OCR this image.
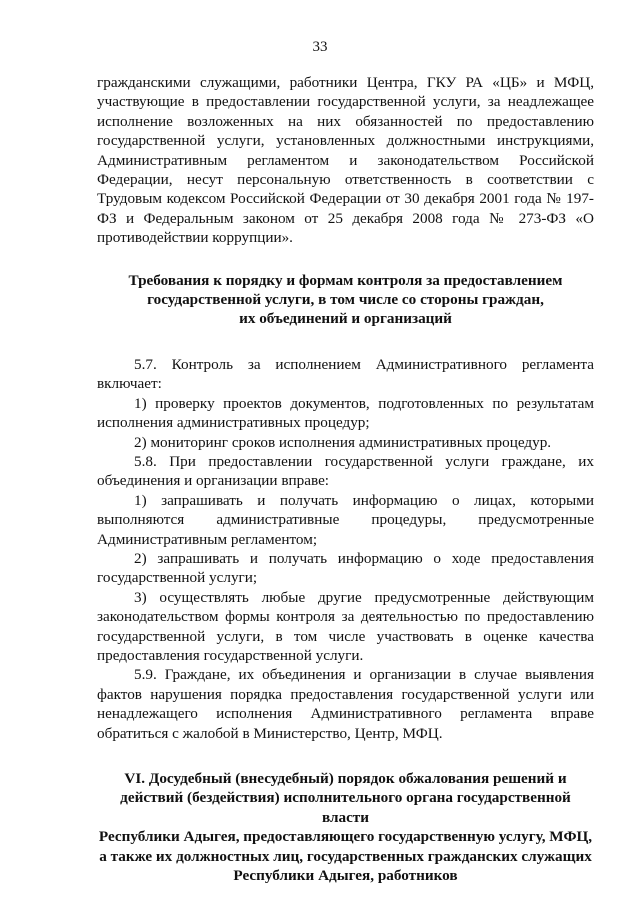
33

гражданскими служащими, работники Центра, ГКУ РА «ЦБ» и МФЦ, участвующие в предоставлении государственной услуги, за неадлежащее исполнение возложенных на них обязанностей по предоставлению государственной услуги, установленных должностными инструкциями, Административным регламентом и законодательством Российской Федерации, несут персональную ответственность в соответствии с Трудовым кодексом Российской Федерации от 30 декабря 2001 года № 197-ФЗ и Федеральным законом от 25 декабря 2008 года № 273-ФЗ «О противодействии коррупции».

Требования к порядку и формам контроля за предоставлением
государственной услуги, в том числе со стороны граждан,
их объединений и организаций

5.7. Контроль за исполнением Административного регламента включает:

1) проверку проектов документов, подготовленных по результатам исполнения административных процедур;

2) мониторинг сроков исполнения административных процедур.

5.8. При предоставлении государственной услуги граждане, их объединения и организации вправе:

1) запрашивать и получать информацию о лицах, которыми выполняются административные процедуры, предусмотренные Административным регламентом;

2) запрашивать и получать информацию о ходе предоставления государственной услуги;

3) осуществлять любые другие предусмотренные действующим законодательством формы контроля за деятельностью по предоставлению государственной услуги, в том числе участвовать в оценке качества предоставления государственной услуги.

5.9. Граждане, их объединения и организации в случае выявления фактов нарушения порядка предоставления государственной услуги или ненадлежащего исполнения Административного регламента вправе обратиться с жалобой в Министерство, Центр, МФЦ.

VI. Досудебный (внесудебный) порядок обжалования решений и
действий (бездействия) исполнительного органа государственной власти
Республики Адыгея, предоставляющего государственную услугу, МФЦ,
а также их должностных лиц, государственных гражданских служащих
Республики Адыгея, работников
